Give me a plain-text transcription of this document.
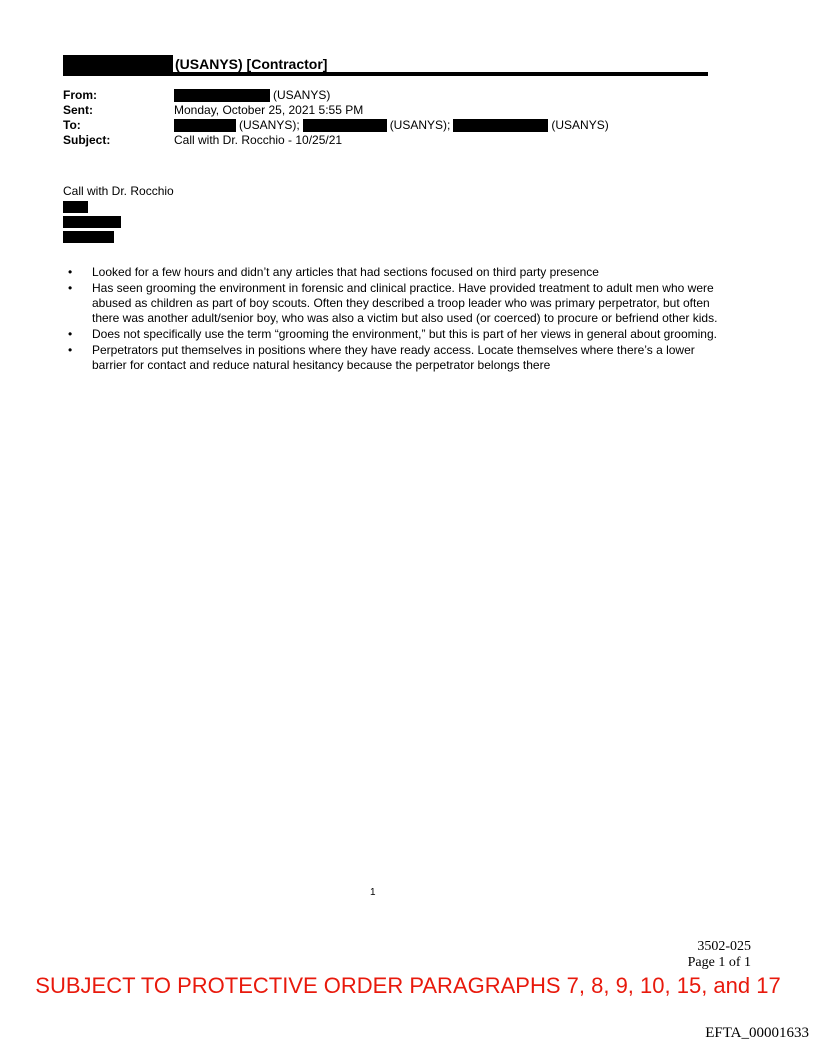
(USANYS) [Contractor]
From:	(USANYS)
Sent:	Monday, October 25, 2021 5:55 PM
To:	(USANYS);	(USANYS);	(USANYS)
Subject:	Call with Dr. Rocchio - 10/25/21
Call with Dr. Rocchio
• Looked for a few hours and didn’t any articles that had sections focused on third party presence
• Has seen grooming the environment in forensic and clinical practice. Have provided treatment to adult men who were abused as children as part of boy scouts. Often they described a troop leader who was primary perpetrator, but often there was another adult/senior boy, who was also a victim but also used (or coerced) to procure or befriend other kids.
• Does not specifically use the term “grooming the environment,” but this is part of her views in general about grooming.
• Perpetrators put themselves in positions where they have ready access. Locate themselves where there’s a lower barrier for contact and reduce natural hesitancy because the perpetrator belongs there
1
3502-025
Page 1 of 1
SUBJECT TO PROTECTIVE ORDER PARAGRAPHS 7, 8, 9, 10, 15, and 17
EFTA_00001633
